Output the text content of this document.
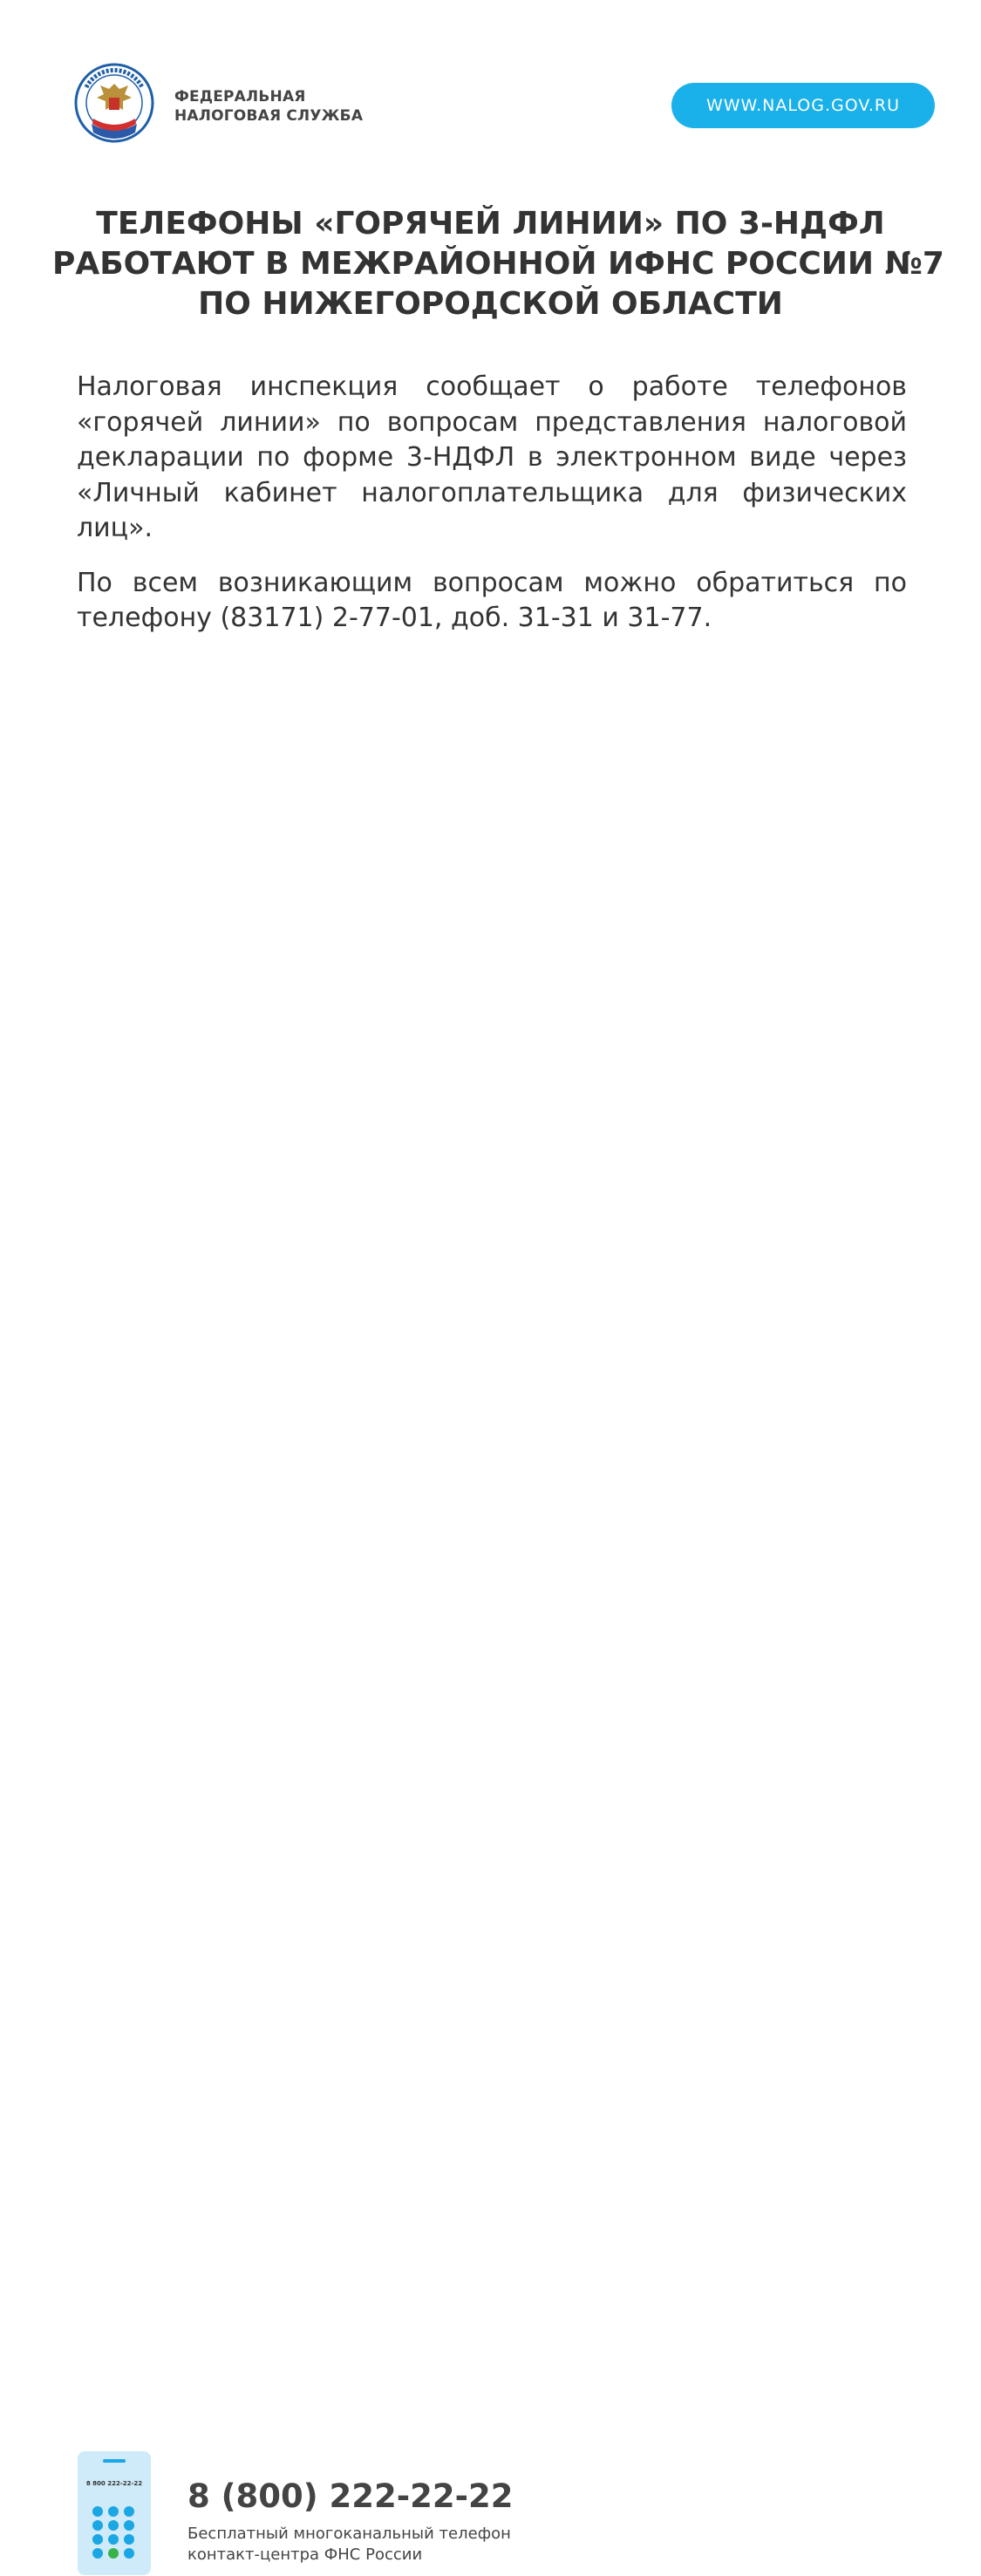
ФЕДЕРАЛЬНАЯ
НАЛОГОВАЯ СЛУЖБА
WWW.NALOG.GOV.RU
ТЕЛЕФОНЫ «ГОРЯЧЕЙ ЛИНИИ» ПО 3-НДФЛ
РАБОТАЮТ В МЕЖРАЙОННОЙ ИФНС РОССИИ №7
ПО НИЖЕГОРОДСКОЙ ОБЛАСТИ

Налоговая инспекция сообщает о работе телефонов «горячей линии» по вопросам представления налоговой декларации по форме 3-НДФЛ в электронном виде через «Личный кабинет налогоплательщика для физических лиц».

По всем возникающим вопросам можно обратиться по телефону (83171) 2-77-01, доб. 31-31 и 31-77.

8 800 222-22-22 8 (800) 222-22-22
Бесплатный многоканальный телефон
контакт-центра ФНС России
